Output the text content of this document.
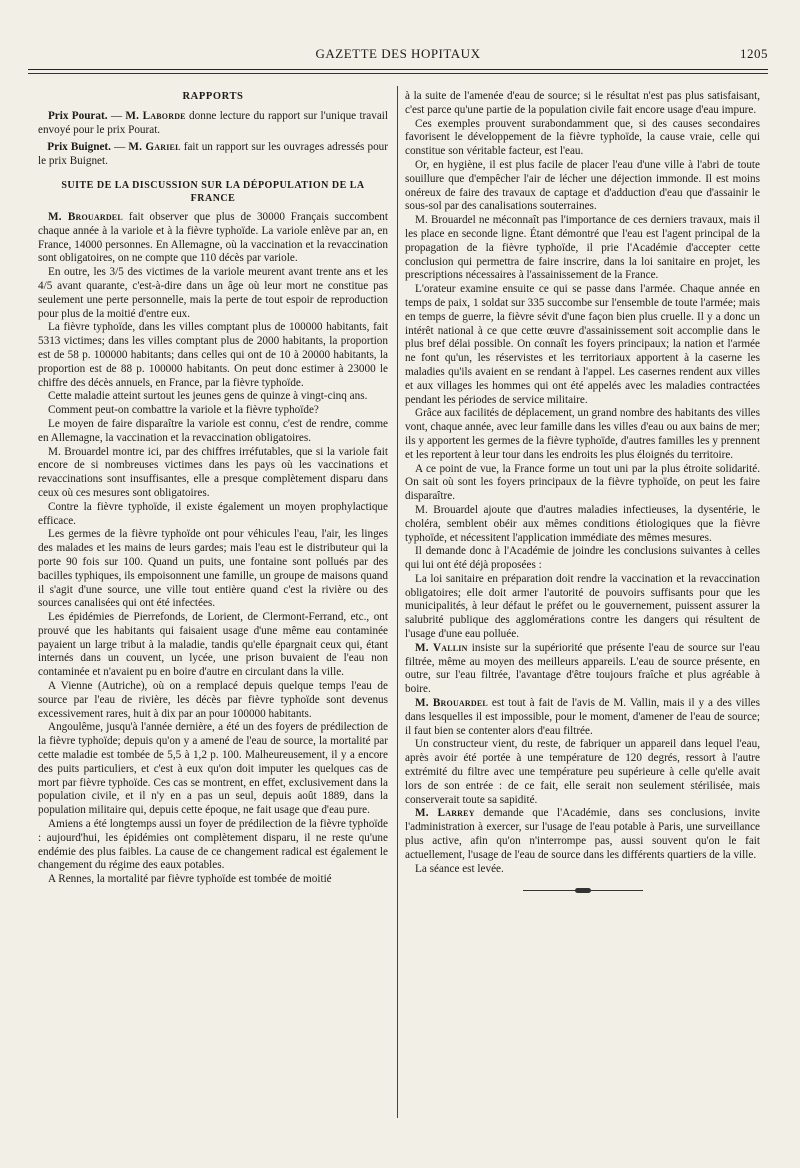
GAZETTE DES HOPITAUX	1205
RAPPORTS

Prix Pourat. — M. Laborde donne lecture du rapport sur l'unique travail envoyé pour le prix Pourat.

Prix Buignet. — M. Gariel fait un rapport sur les ouvrages adressés pour le prix Buignet.

SUITE DE LA DISCUSSION SUR LA DÉPOPULATION DE LA FRANCE

M. Brouardel fait observer que plus de 30000 Français succombent chaque année à la variole et à la fièvre typhoïde. La variole enlève par an, en France, 14000 personnes. En Allemagne, où la vaccination et la revaccination sont obligatoires, on ne compte que 110 décès par variole.

En outre, les 3/5 des victimes de la variole meurent avant trente ans et les 4/5 avant quarante, c'est-à-dire dans un âge où leur mort ne constitue pas seulement une perte personnelle, mais la perte de tout espoir de reproduction pour plus de la moitié d'entre eux.

La fièvre typhoïde, dans les villes comptant plus de 100000 habitants, fait 5313 victimes; dans les villes comptant plus de 2000 habitants, la proportion est de 58 p. 100000 habitants; dans celles qui ont de 10 à 20000 habitants, la proportion est de 88 p. 100000 habitants. On peut donc estimer à 23000 le chiffre des décès annuels, en France, par la fièvre typhoïde.

Cette maladie atteint surtout les jeunes gens de quinze à vingt-cinq ans.

Comment peut-on combattre la variole et la fièvre typhoïde?

Le moyen de faire disparaître la variole est connu, c'est de rendre, comme en Allemagne, la vaccination et la revaccination obligatoires.

M. Brouardel montre ici, par des chiffres irréfutables, que si la variole fait encore de si nombreuses victimes dans les pays où les vaccinations et revaccinations sont insuffisantes, elle a presque complètement disparu dans ceux où ces mesures sont obligatoires.

Contre la fièvre typhoïde, il existe également un moyen prophylactique efficace.

Les germes de la fièvre typhoïde ont pour véhicules l'eau, l'air, les linges des malades et les mains de leurs gardes; mais l'eau est le distributeur qui la porte 90 fois sur 100. Quand un puits, une fontaine sont pollués par des bacilles typhiques, ils empoisonnent une famille, un groupe de maisons quand il s'agit d'une source, une ville tout entière quand c'est la rivière ou des sources canalisées qui ont été infectées.

Les épidémies de Pierrefonds, de Lorient, de Clermont-Ferrand, etc., ont prouvé que les habitants qui faisaient usage d'une même eau contaminée payaient un large tribut à la maladie, tandis qu'elle épargnait ceux qui, étant internés dans un couvent, un lycée, une prison buvaient de l'eau non contaminée et n'avaient pu en boire d'autre en circulant dans la ville.

A Vienne (Autriche), où on a remplacé depuis quelque temps l'eau de source par l'eau de rivière, les décès par fièvre typhoïde sont devenus excessivement rares, huit à dix par an pour 100000 habitants.

Angoulême, jusqu'à l'année dernière, a été un des foyers de prédilection de la fièvre typhoïde; depuis qu'on y a amené de l'eau de source, la mortalité par cette maladie est tombée de 5,5 à 1,2 p. 100. Malheureusement, il y a encore des puits particuliers, et c'est à eux qu'on doit imputer les quelques cas de mort par fièvre typhoïde. Ces cas se montrent, en effet, exclusivement dans la population civile, et il n'y en a pas un seul, depuis août 1889, dans la population militaire qui, depuis cette époque, ne fait usage que d'eau pure.

Amiens a été longtemps aussi un foyer de prédilection de la fièvre typhoïde : aujourd'hui, les épidémies ont complètement disparu, il ne reste qu'une endémie des plus faibles. La cause de ce changement radical est également le changement du régime des eaux potables.

A Rennes, la mortalité par fièvre typhoïde est tombée de moitié

à la suite de l'amenée d'eau de source; si le résultat n'est pas plus satisfaisant, c'est parce qu'une partie de la population civile fait encore usage d'eau impure.

Ces exemples prouvent surabondamment que, si des causes secondaires favorisent le développement de la fièvre typhoïde, la cause vraie, celle qui constitue son véritable facteur, est l'eau.

Or, en hygiène, il est plus facile de placer l'eau d'une ville à l'abri de toute souillure que d'empêcher l'air de lécher une déjection immonde. Il est moins onéreux de faire des travaux de captage et d'adduction d'eau que d'assainir le sous-sol par des canalisations souterraines.

M. Brouardel ne méconnaît pas l'importance de ces derniers travaux, mais il les place en seconde ligne. Étant démontré que l'eau est l'agent principal de la propagation de la fièvre typhoïde, il prie l'Académie d'accepter cette conclusion qui permettra de faire inscrire, dans la loi sanitaire en projet, les prescriptions nécessaires à l'assainissement de la France.

L'orateur examine ensuite ce qui se passe dans l'armée. Chaque année en temps de paix, 1 soldat sur 335 succombe sur l'ensemble de toute l'armée; mais en temps de guerre, la fièvre sévit d'une façon bien plus cruelle. Il y a donc un intérêt national à ce que cette œuvre d'assainissement soit accomplie dans le plus bref délai possible. On connaît les foyers principaux; la nation et l'armée ne font qu'un, les réservistes et les territoriaux apportent à la caserne les maladies qu'ils avaient en se rendant à l'appel. Les casernes rendent aux villes et aux villages les hommes qui ont été appelés avec les maladies contractées pendant les périodes de service militaire.

Grâce aux facilités de déplacement, un grand nombre des habitants des villes vont, chaque année, avec leur famille dans les villes d'eau ou aux bains de mer; ils y apportent les germes de la fièvre typhoïde, d'autres familles les y prennent et les reportent à leur tour dans les endroits les plus éloignés du territoire.

A ce point de vue, la France forme un tout uni par la plus étroite solidarité. On sait où sont les foyers principaux de la fièvre typhoïde, on peut les faire disparaître.

M. Brouardel ajoute que d'autres maladies infectieuses, la dysentérie, le choléra, semblent obéir aux mêmes conditions étiologiques que la fièvre typhoïde, et nécessitent l'application immédiate des mêmes mesures.

Il demande donc à l'Académie de joindre les conclusions suivantes à celles qui lui ont été déjà proposées :

La loi sanitaire en préparation doit rendre la vaccination et la revaccination obligatoires; elle doit armer l'autorité de pouvoirs suffisants pour que les municipalités, à leur défaut le préfet ou le gouvernement, puissent assurer la salubrité publique des agglomérations contre les dangers qui résultent de l'usage d'une eau polluée.

M. Vallin insiste sur la supériorité que présente l'eau de source sur l'eau filtrée, même au moyen des meilleurs appareils. L'eau de source présente, en outre, sur l'eau filtrée, l'avantage d'être toujours fraîche et plus agréable à boire.

M. Brouardel est tout à fait de l'avis de M. Vallin, mais il y a des villes dans lesquelles il est impossible, pour le moment, d'amener de l'eau de source; il faut bien se contenter alors d'eau filtrée.

Un constructeur vient, du reste, de fabriquer un appareil dans lequel l'eau, après avoir été portée à une température de 120 degrés, ressort à l'autre extrémité du filtre avec une température peu supérieure à celle qu'elle avait lors de son entrée : de ce fait, elle serait non seulement stérilisée, mais conserverait toute sa sapidité.

M. Larrey demande que l'Académie, dans ses conclusions, invite l'administration à exercer, sur l'usage de l'eau potable à Paris, une surveillance plus active, afin qu'on n'interrompe pas, aussi souvent qu'on le fait actuellement, l'usage de l'eau de source dans les différents quartiers de la ville.

La séance est levée.
